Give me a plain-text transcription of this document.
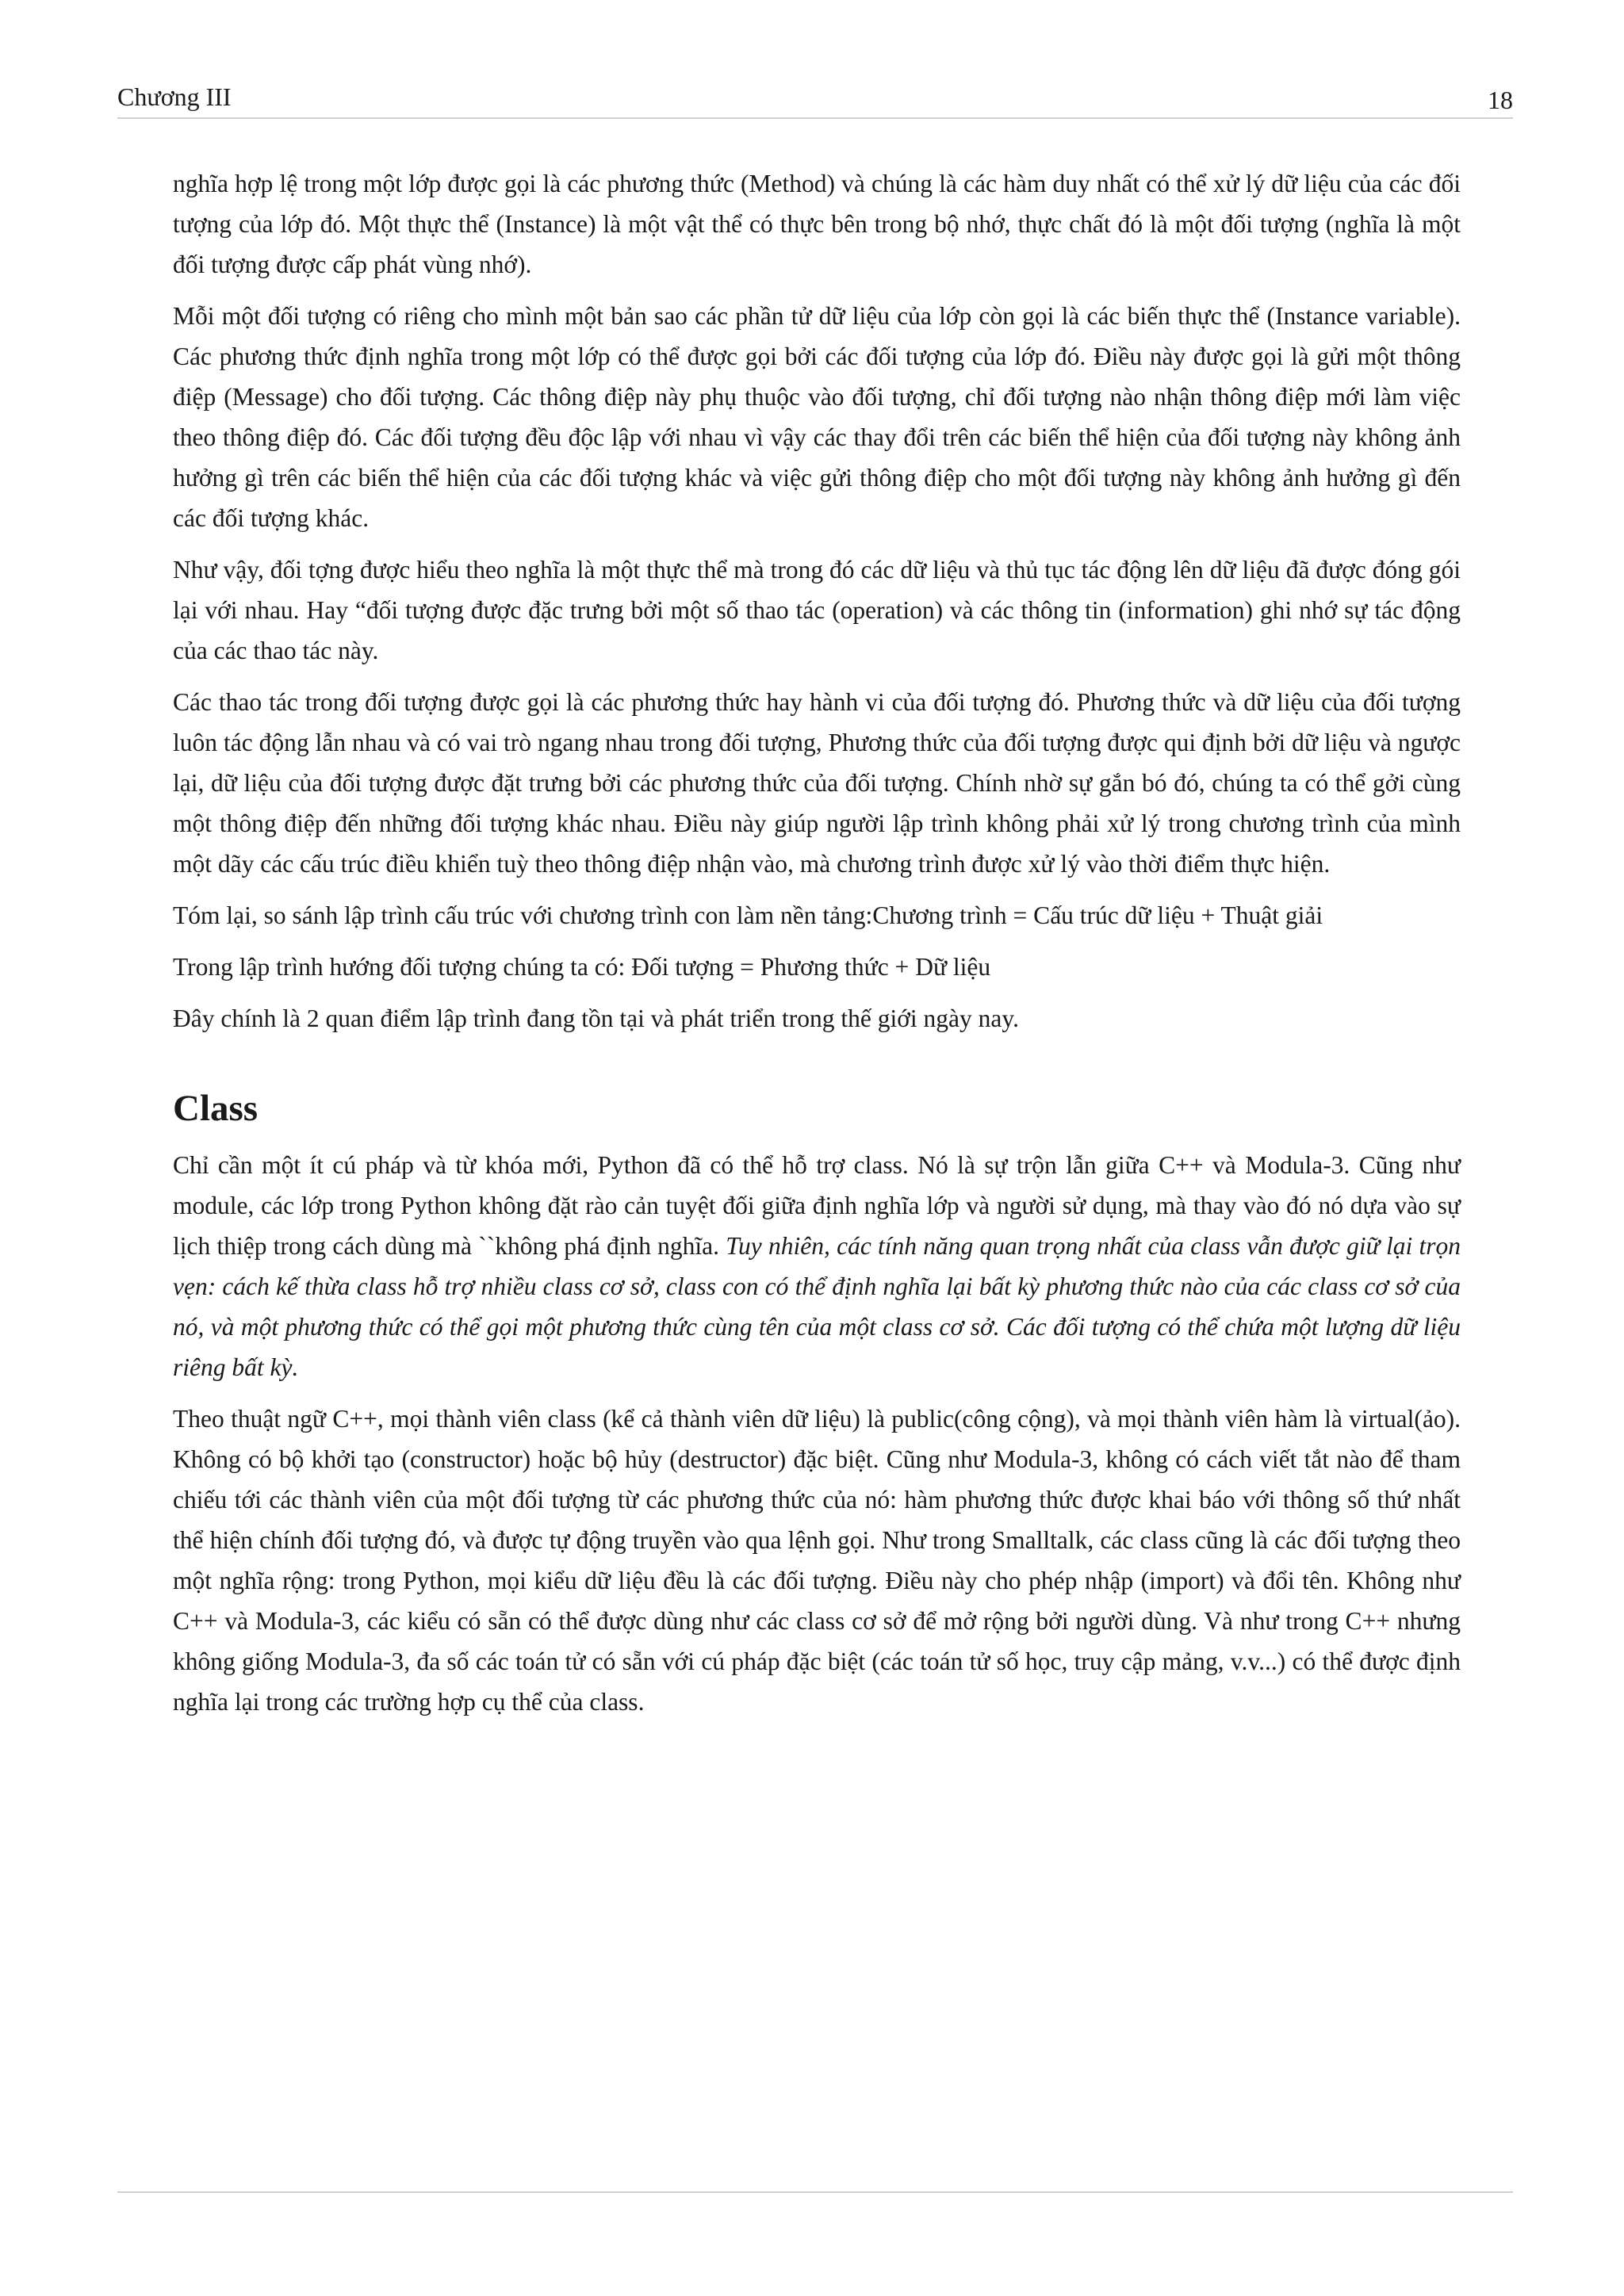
Chương III	18

nghĩa hợp lệ trong một lớp được gọi là các phương thức (Method) và chúng là các hàm duy nhất có thể xử lý dữ liệu của các đối tượng của lớp đó. Một thực thể (Instance) là một vật thể có thực bên trong bộ nhớ, thực chất đó là một đối tượng (nghĩa là một đối tượng được cấp phát vùng nhớ).

Mỗi một đối tượng có riêng cho mình một bản sao các phần tử dữ liệu của lớp còn gọi là các biến thực thể (Instance variable). Các phương thức định nghĩa trong một lớp có thể được gọi bởi các đối tượng của lớp đó. Điều này được gọi là gửi một thông điệp (Message) cho đối tượng. Các thông điệp này phụ thuộc vào đối tượng, chỉ đối tượng nào nhận thông điệp mới làm việc theo thông điệp đó. Các đối tượng đều độc lập với nhau vì vậy các thay đổi trên các biến thể hiện của đối tượng này không ảnh hưởng gì trên các biến thể hiện của các đối tượng khác và việc gửi thông điệp cho một đối tượng này không ảnh hưởng gì đến các đối tượng khác.

Như vậy, đối tợng được hiểu theo nghĩa là một thực thể mà trong đó các dữ liệu và thủ tục tác động lên dữ liệu đã được đóng gói lại với nhau. Hay “đối tượng được đặc trưng bởi một số thao tác (operation) và các thông tin (information) ghi nhớ sự tác động của các thao tác này.

Các thao tác trong đối tượng được gọi là các phương thức hay hành vi của đối tượng đó. Phương thức và dữ liệu của đối tượng luôn tác động lẫn nhau và có vai trò ngang nhau trong đối tượng, Phương thức của đối tượng được qui định bởi dữ liệu và ngược lại, dữ liệu của đối tượng được đặt trưng bởi các phương thức của đối tượng. Chính nhờ sự gắn bó đó, chúng ta có thể gởi cùng một thông điệp đến những đối tượng khác nhau. Điều này giúp người lập trình không phải xử lý trong chương trình của mình một dãy các cấu trúc điều khiển tuỳ theo thông điệp nhận vào, mà chương trình được xử lý vào thời điểm thực hiện.

Tóm lại, so sánh lập trình cấu trúc với chương trình con làm nền tảng:Chương trình = Cấu trúc dữ liệu + Thuật giải

Trong lập trình hướng đối tượng chúng ta có: Đối tượng = Phương thức + Dữ liệu

Đây chính là 2 quan điểm lập trình đang tồn tại và phát triển trong thế giới ngày nay.

Class

Chỉ cần một ít cú pháp và từ khóa mới, Python đã có thể hỗ trợ class. Nó là sự trộn lẫn giữa C++ và Modula-3. Cũng như module, các lớp trong Python không đặt rào cản tuyệt đối giữa định nghĩa lớp và người sử dụng, mà thay vào đó nó dựa vào sự lịch thiệp trong cách dùng mà ``không phá định nghĩa. Tuy nhiên, các tính năng quan trọng nhất của class vẫn được giữ lại trọn vẹn: cách kế thừa class hỗ trợ nhiều class cơ sở, class con có thể định nghĩa lại bất kỳ phương thức nào của các class cơ sở của nó, và một phương thức có thể gọi một phương thức cùng tên của một class cơ sở. Các đối tượng có thể chứa một lượng dữ liệu riêng bất kỳ.

Theo thuật ngữ C++, mọi thành viên class (kể cả thành viên dữ liệu) là public(công cộng), và mọi thành viên hàm là virtual(ảo). Không có bộ khởi tạo (constructor) hoặc bộ hủy (destructor) đặc biệt. Cũng như Modula-3, không có cách viết tắt nào để tham chiếu tới các thành viên của một đối tượng từ các phương thức của nó: hàm phương thức được khai báo với thông số thứ nhất thể hiện chính đối tượng đó, và được tự động truyền vào qua lệnh gọi. Như trong Smalltalk, các class cũng là các đối tượng theo một nghĩa rộng: trong Python, mọi kiểu dữ liệu đều là các đối tượng. Điều này cho phép nhập (import) và đổi tên. Không như C++ và Modula-3, các kiểu có sẵn có thể được dùng như các class cơ sở để mở rộng bởi người dùng. Và như trong C++ nhưng không giống Modula-3, đa số các toán tử có sẵn với cú pháp đặc biệt (các toán tử số học, truy cập mảng, v.v...) có thể được định nghĩa lại trong các trường hợp cụ thể của class.
